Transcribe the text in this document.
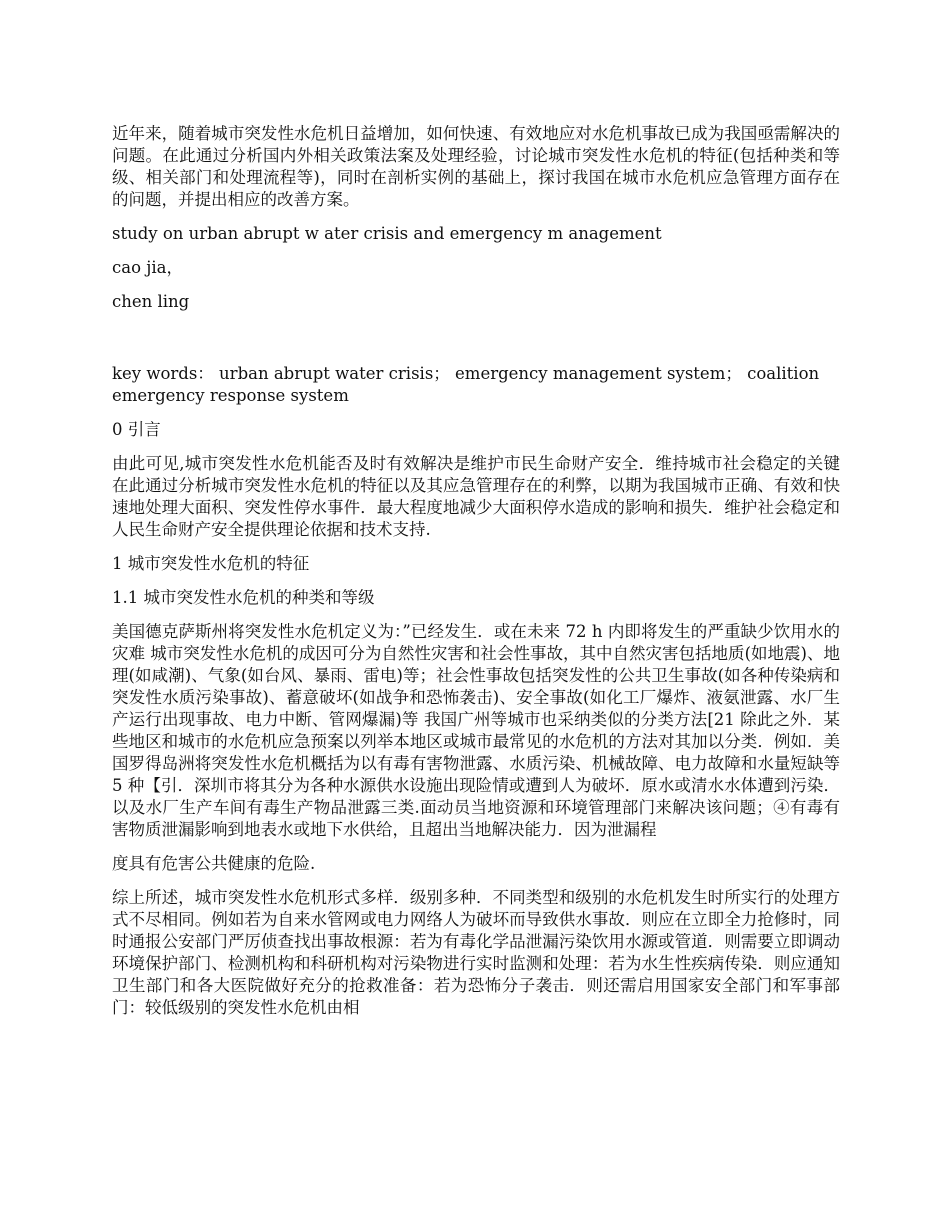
近年来，随着城市突发性水危机日益增加，如何快速、有效地应对水危机事故已成为我国亟需解决的问题。在此通过分析国内外相关政策法案及处理经验，讨论城市突发性水危机的特征(包括种类和等级、相关部门和处理流程等)，同时在剖析实例的基础上，探讨我国在城市水危机应急管理方面存在的问题，并提出相应的改善方案。

study on urban abrupt w ater crisis and emergency m anagement

cao jia，

chen ling

key words： urban abrupt water crisis； emergency management system； coalition emergency response system

0 引言

由此可见,城市突发性水危机能否及时有效解决是维护市民生命财产安全．维持城市社会稳定的关键 在此通过分析城市突发性水危机的特征以及其应急管理存在的利弊，以期为我国城市正确、有效和快速地处理大面积、突发性停水事件．最大程度地减少大面积停水造成的影响和损失．维护社会稳定和人民生命财产安全提供理论依据和技术支持.

1 城市突发性水危机的特征

1.1 城市突发性水危机的种类和等级

美国德克萨斯州将突发性水危机定义为：”已经发生．或在未来 72 h 内即将发生的严重缺少饮用水的灾难 城市突发性水危机的成因可分为自然性灾害和社会性事故，其中自然灾害包括地质(如地震)、地理(如咸潮)、气象(如台风、暴雨、雷电)等；社会性事故包括突发性的公共卫生事故(如各种传染病和突发性水质污染事故)、蓄意破坏(如战争和恐怖袭击)、安全事故(如化工厂爆炸、液氨泄露、水厂生产运行出现事故、电力中断、管网爆漏)等 我国广州等城市也采纳类似的分类方法[21 除此之外．某些地区和城市的水危机应急预案以列举本地区或城市最常见的水危机的方法对其加以分类．例如．美国罗得岛洲将突发性水危机概括为以有毒有害物泄露、水质污染、机械故障、电力故障和水量短缺等 5 种【引．深圳市将其分为各种水源供水设施出现险情或遭到人为破坏．原水或清水水体遭到污染．以及水厂生产车间有毒生产物品泄露三类.面动员当地资源和环境管理部门来解决该问题；④有毒有害物质泄漏影响到地表水或地下水供给，且超出当地解决能力．因为泄漏程

度具有危害公共健康的危险.

综上所述，城市突发性水危机形式多样．级别多种．不同类型和级别的水危机发生时所实行的处理方式不尽相同。例如若为自来水管网或电力网络人为破坏而导致供水事故．则应在立即全力抢修时，同时通报公安部门严厉侦查找出事故根源：若为有毒化学品泄漏污染饮用水源或管道．则需要立即调动环境保护部门、检测机构和科研机构对污染物进行实时监测和处理：若为水生性疾病传染．则应通知卫生部门和各大医院做好充分的抢救准备：若为恐怖分子袭击．则还需启用国家安全部门和军事部门：较低级别的突发性水危机由相
